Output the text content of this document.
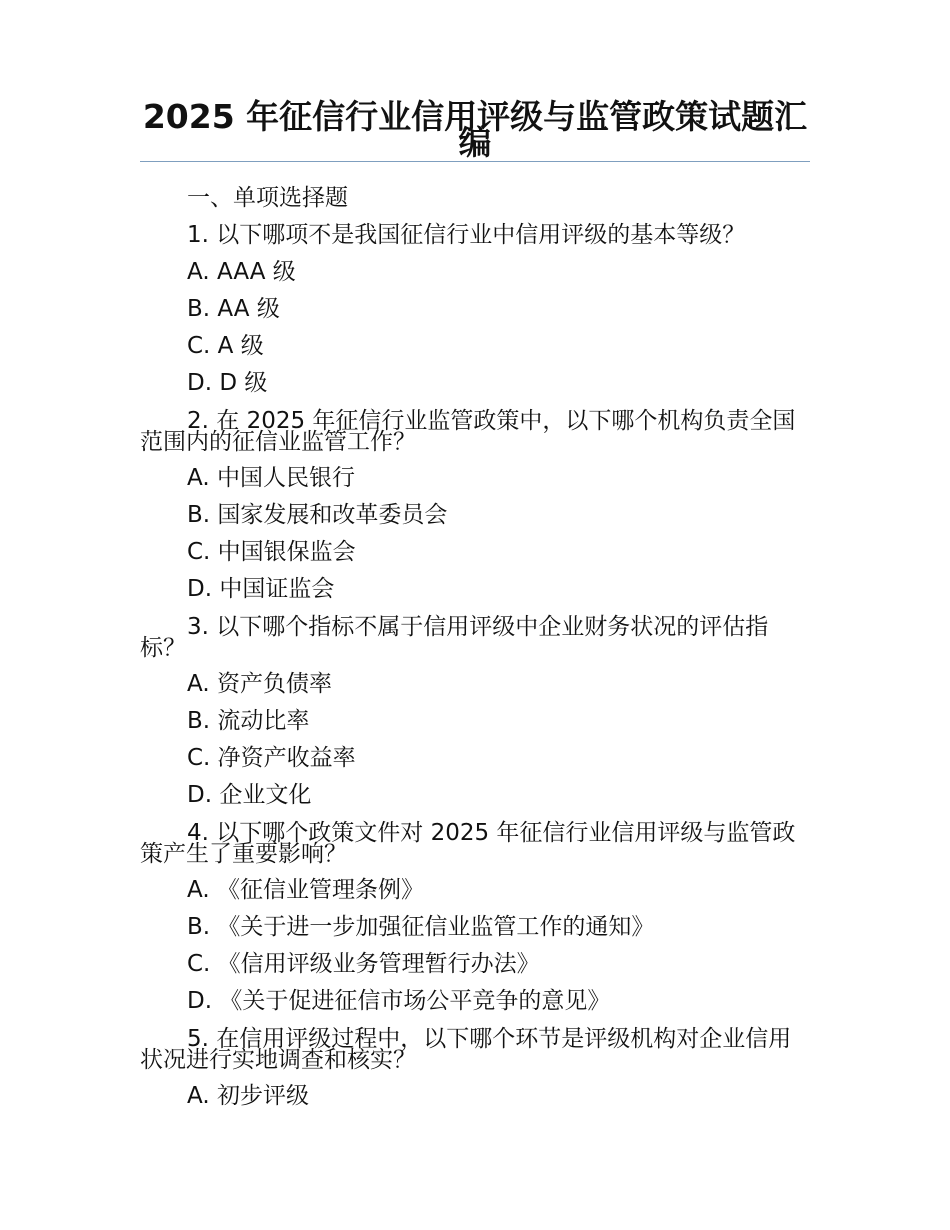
2025 年征信行业信用评级与监管政策试题汇编

一、单项选择题

1. 以下哪项不是我国征信行业中信用评级的基本等级？

A. AAA 级

B. AA 级

C. A 级

D. D 级

2. 在 2025 年征信行业监管政策中，以下哪个机构负责全国范围内的征信业监管工作？

A. 中国人民银行

B. 国家发展和改革委员会

C. 中国银保监会

D. 中国证监会

3. 以下哪个指标不属于信用评级中企业财务状况的评估指标？

A. 资产负债率

B. 流动比率

C. 净资产收益率

D. 企业文化

4. 以下哪个政策文件对 2025 年征信行业信用评级与监管政策产生了重要影响？

A. 《征信业管理条例》

B. 《关于进一步加强征信业监管工作的通知》

C. 《信用评级业务管理暂行办法》

D. 《关于促进征信市场公平竞争的意见》

5. 在信用评级过程中，以下哪个环节是评级机构对企业信用状况进行实地调查和核实？

A. 初步评级
